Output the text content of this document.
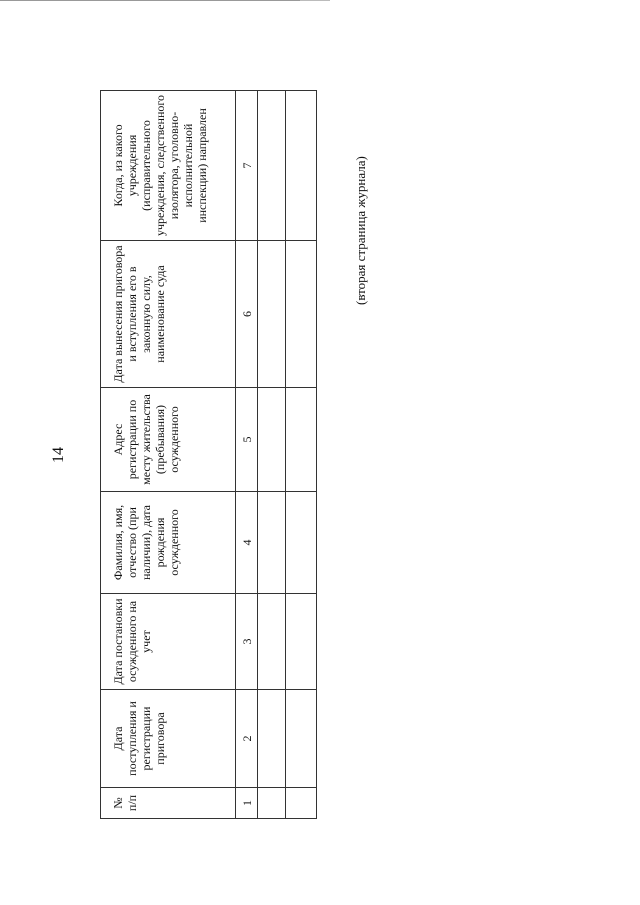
14
№ п/п	Дата поступления и регистрации приговора	Дата постановки осужденного на учет	Фамилия, имя, отчество (при наличии), дата рождения осужденного	Адрес регистрации по месту жительства (пребывания) осужденного	Дата вынесения приговора и вступления его в законную силу, наименование суда	Когда, из какого учреждения (исправительного учреждения, следственного изолятора, уголовно-исполнительной инспекции) направлен
1	2	3	4	5	6	7

							(вторая страница журнала)
